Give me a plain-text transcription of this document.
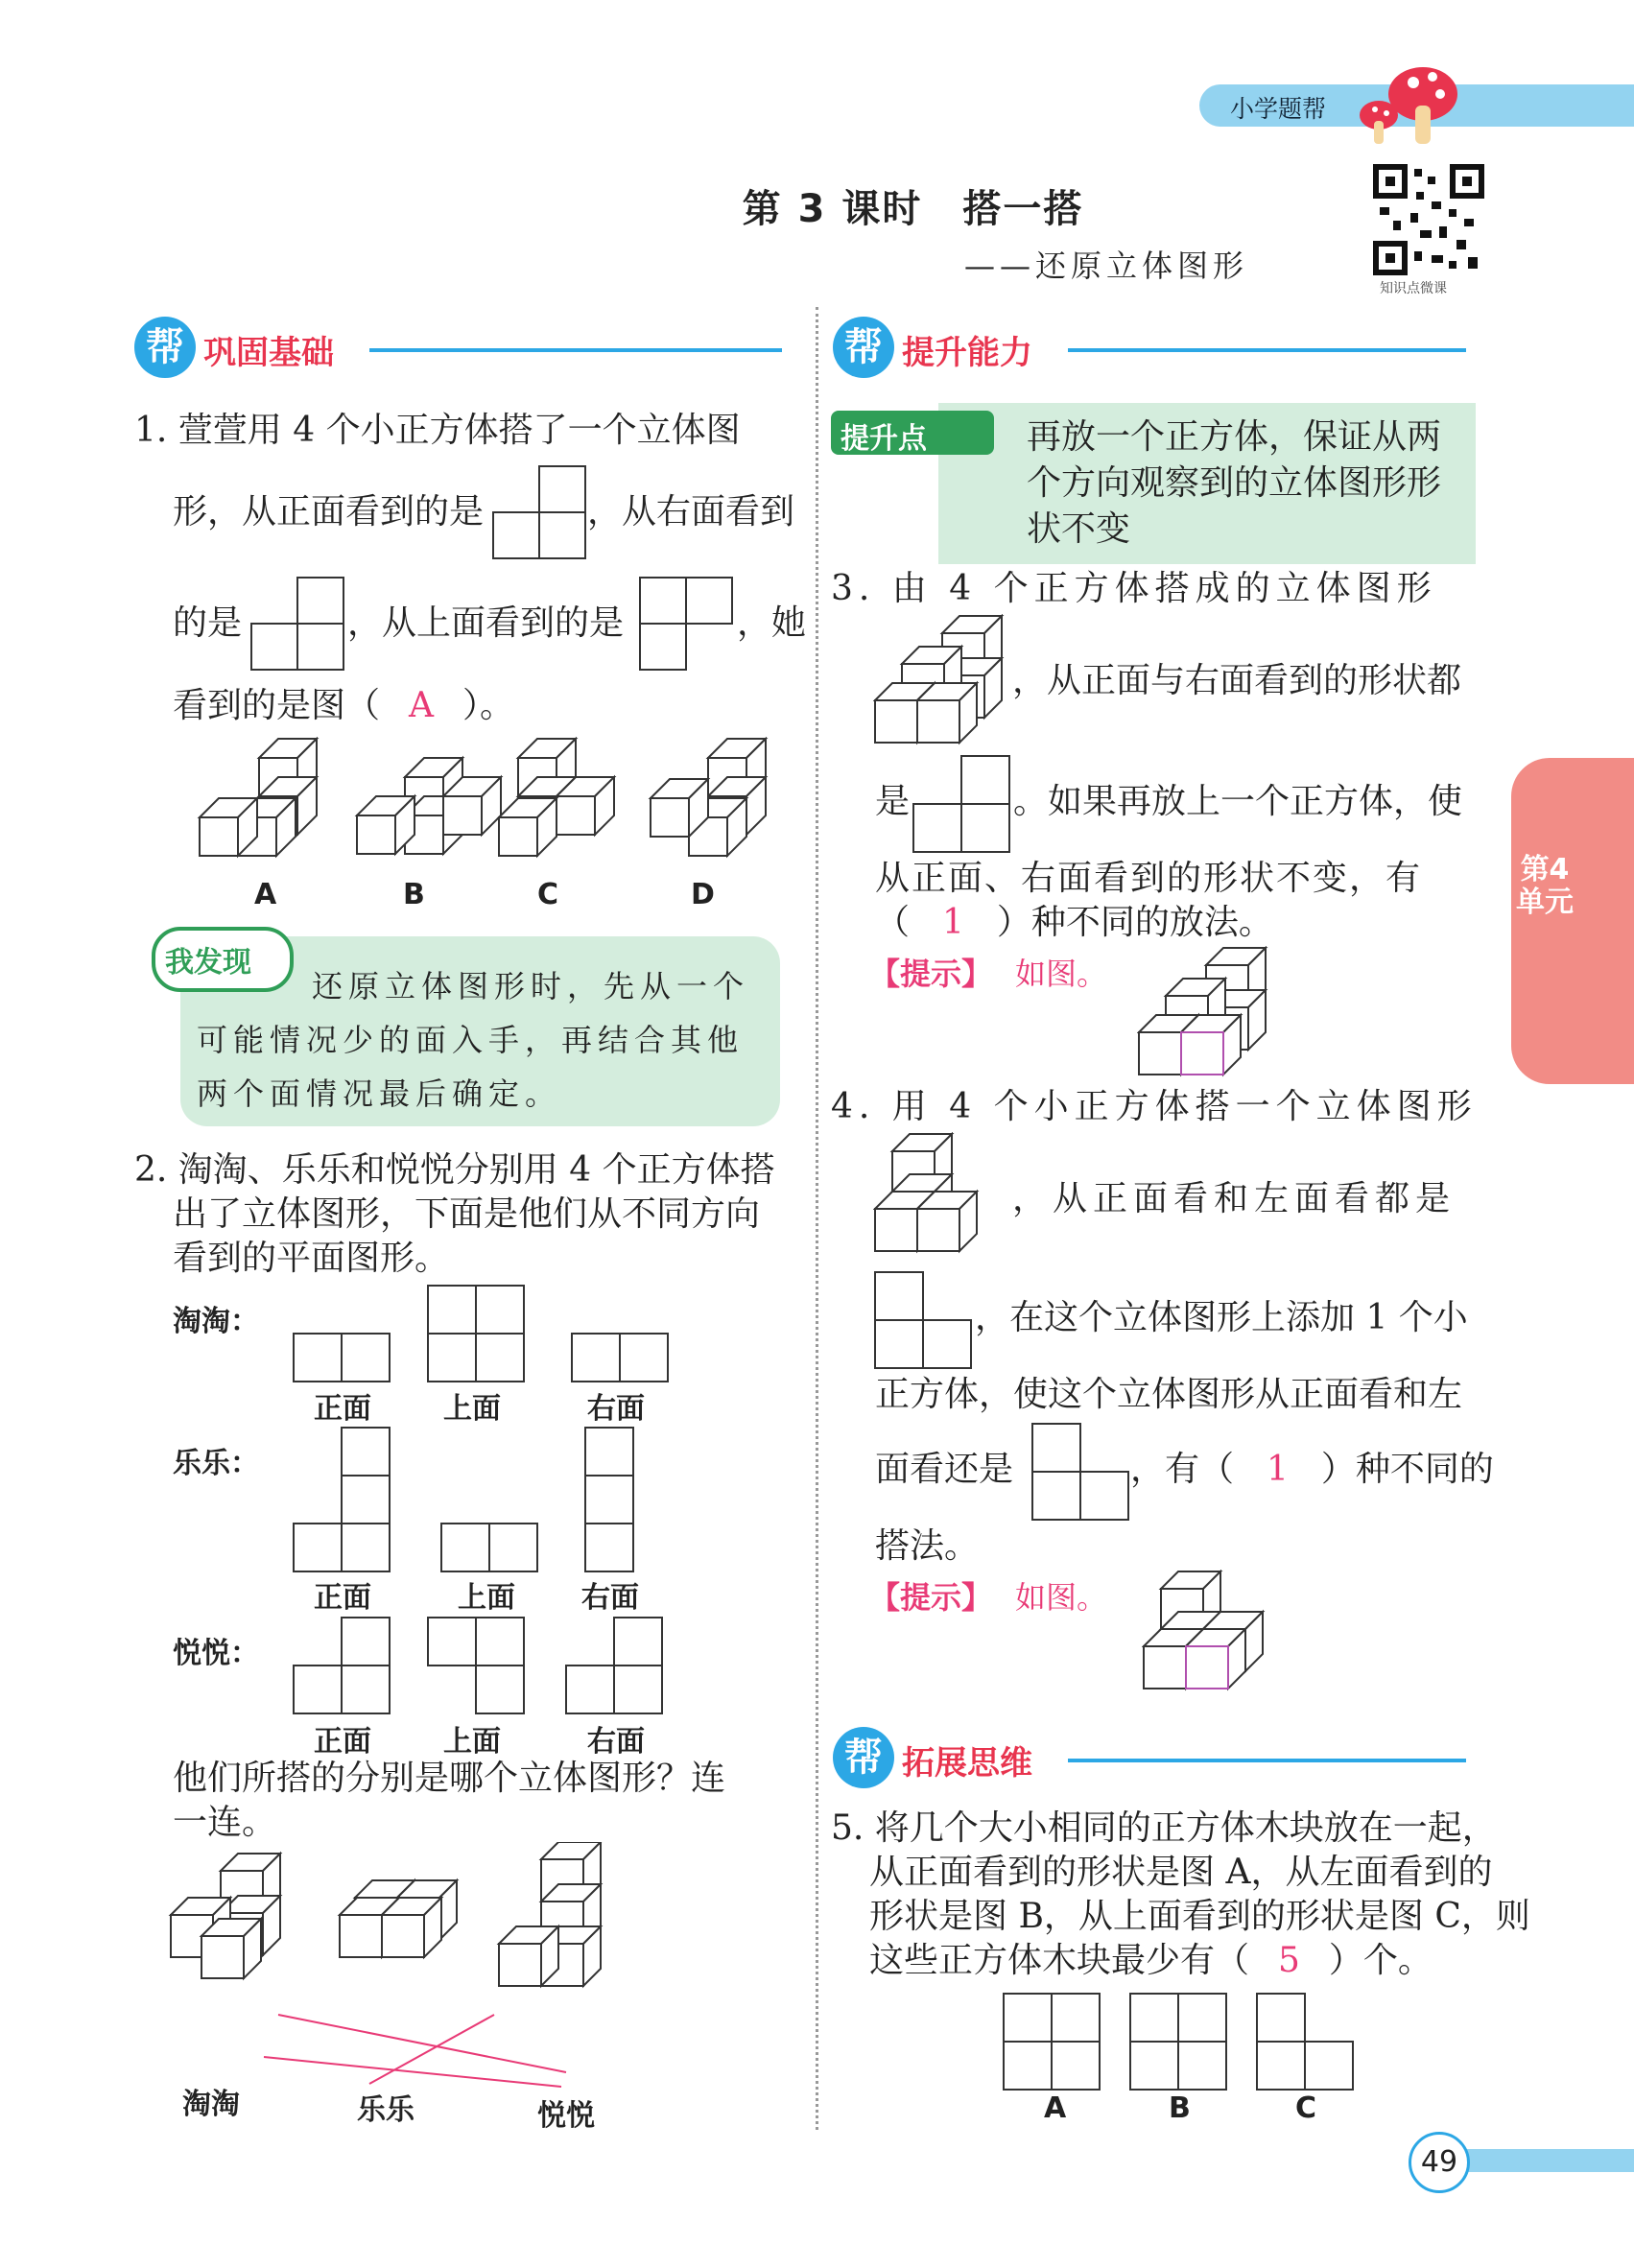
小学题帮
第 3 课时　搭一搭
——还原立体图形
知识点微课
第4单元
49
帮 巩固基础
1. 萱萱用 4 个小正方体搭了一个立体图
形，从正面看到的是	，从右面看到
的是	，从上面看到的是	，她
看到的是图（ A ）。
A	B	C	D
我发现
还原立体图形时，先从一个
可能情况少的面入手，再结合其他
两个面情况最后确定。
2. 淘淘、乐乐和悦悦分别用 4 个正方体搭
出了立体图形，下面是他们从不同方向
看到的平面图形。
淘淘：
正面	上面	右面
乐乐：
正面	上面 右面
悦悦：
正面	上面	右面
他们所搭的分别是哪个立体图形？连
一连。
淘淘	乐乐	悦悦
帮 提升能力
提升点	再放一个正方体，保证从两
个方向观察到的立体图形形
状不变
3. 由 4 个正方体搭成的立体图形
，从正面与右面看到的形状都
是	。如果再放上一个正方体，使
从正面、右面看到的形状不变，有
（ 1 ）种不同的放法。
【提示】 如图。
4. 用 4 个小正方体搭一个立体图形
，从正面看和左面看都是
，在这个立体图形上添加 1 个小
正方体，使这个立体图形从正面看和左
面看还是	，有（ 1 ）种不同的
搭法。
【提示】 如图。
帮 拓展思维
5. 将几个大小相同的正方体木块放在一起，
从正面看到的形状是图 A，从左面看到的
形状是图 B，从上面看到的形状是图 C，则
这些正方体木块最少有（ 5 ）个。
A	B	C
